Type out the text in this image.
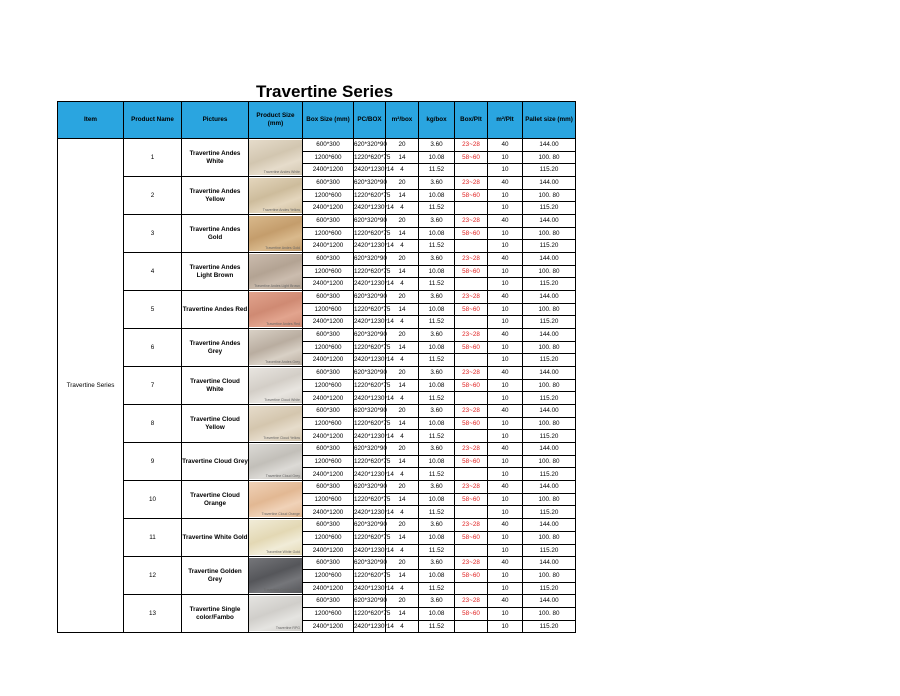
Travertine Series
Item	Product Name	Pictures	Product Size (mm)	Box Size (mm)	PC/BOX	m²/box	kg/box	Box/Plt	m²/Plt	Pallet size (mm)	
Travertine Series	1	Travertine Andes White	Travertine Andes White	600*300	620*320*90	20	3.60	23~28	40	144.00	
				1200*600	1220*620*75	14	10.08	58~60	10	100. 80	
				2400*1200	2420*1230*14	4	11.52		10	115.20	
	2	Travertine Andes Yellow	Travertine Andes Yellow	600*300	620*320*90	20	3.60	23~28	40	144.00	
				1200*600	1220*620*75	14	10.08	58~60	10	100. 80	
				2400*1200	2420*1230*14	4	11.52		10	115.20	
	3	Travertine Andes Gold	Travertine Andes Gold	600*300	620*320*90	20	3.60	23~28	40	144.00	
				1200*600	1220*620*75	14	10.08	58~60	10	100. 80	
				2400*1200	2420*1230*14	4	11.52		10	115.20	
	4	Travertine Andes Light Brown	Travertine Andes Light Brown	600*300	620*320*90	20	3.60	23~28	40	144.00	
				1200*600	1220*620*75	14	10.08	58~60	10	100. 80	
				2400*1200	2420*1230*14	4	11.52		10	115.20	
	5	Travertine Andes Red	Travertine Andes Red	600*300	620*320*90	20	3.60	23~28	40	144.00	
				1200*600	1220*620*75	14	10.08	58~60	10	100. 80	
				2400*1200	2420*1230*14	4	11.52		10	115.20	
	6	Travertine Andes Grey	Travertine Andes Grey	600*300	620*320*90	20	3.60	23~28	40	144.00	
				1200*600	1220*620*75	14	10.08	58~60	10	100. 80	
				2400*1200	2420*1230*14	4	11.52		10	115.20	
	7	Travertine Cloud White	Travertine Cloud White	600*300	620*320*90	20	3.60	23~28	40	144.00	
				1200*600	1220*620*75	14	10.08	58~60	10	100. 80	
				2400*1200	2420*1230*14	4	11.52		10	115.20	
	8	Travertine Cloud Yellow	Travertine Cloud Yellow	600*300	620*320*90	20	3.60	23~28	40	144.00	
				1200*600	1220*620*75	14	10.08	58~60	10	100. 80	
				2400*1200	2420*1230*14	4	11.52		10	115.20	
	9	Travertine Cloud Grey	Travertine Cloud Grey	600*300	620*320*90	20	3.60	23~28	40	144.00	
				1200*600	1220*620*75	14	10.08	58~60	10	100. 80	
				2400*1200	2420*1230*14	4	11.52		10	115.20	
	10	Travertine Cloud Orange	Travertine Cloud Orange	600*300	620*320*90	20	3.60	23~28	40	144.00	
				1200*600	1220*620*75	14	10.08	58~60	10	100. 80	
				2400*1200	2420*1230*14	4	11.52		10	115.20	
	11	Travertine White Gold	Travertine White Gold	600*300	620*320*90	20	3.60	23~28	40	144.00	
				1200*600	1220*620*75	14	10.08	58~60	10	100. 80	
				2400*1200	2420*1230*14	4	11.52		10	115.20	
	12	Travertine Golden Grey	Travertine Golden Grey	600*300	620*320*90	20	3.60	23~28	40	144.00	
				1200*600	1220*620*75	14	10.08	58~60	10	100. 80	
				2400*1200	2420*1230*14	4	11.52		10	115.20	
	13	Travertine Single color/Fambo	Travertine RPG	600*300	620*320*90	20	3.60	23~28	40	144.00	
				1200*600	1220*620*75	14	10.08	58~60	10	100. 80	
				2400*1200	2420*1230*14	4	11.52		10	115.20	
